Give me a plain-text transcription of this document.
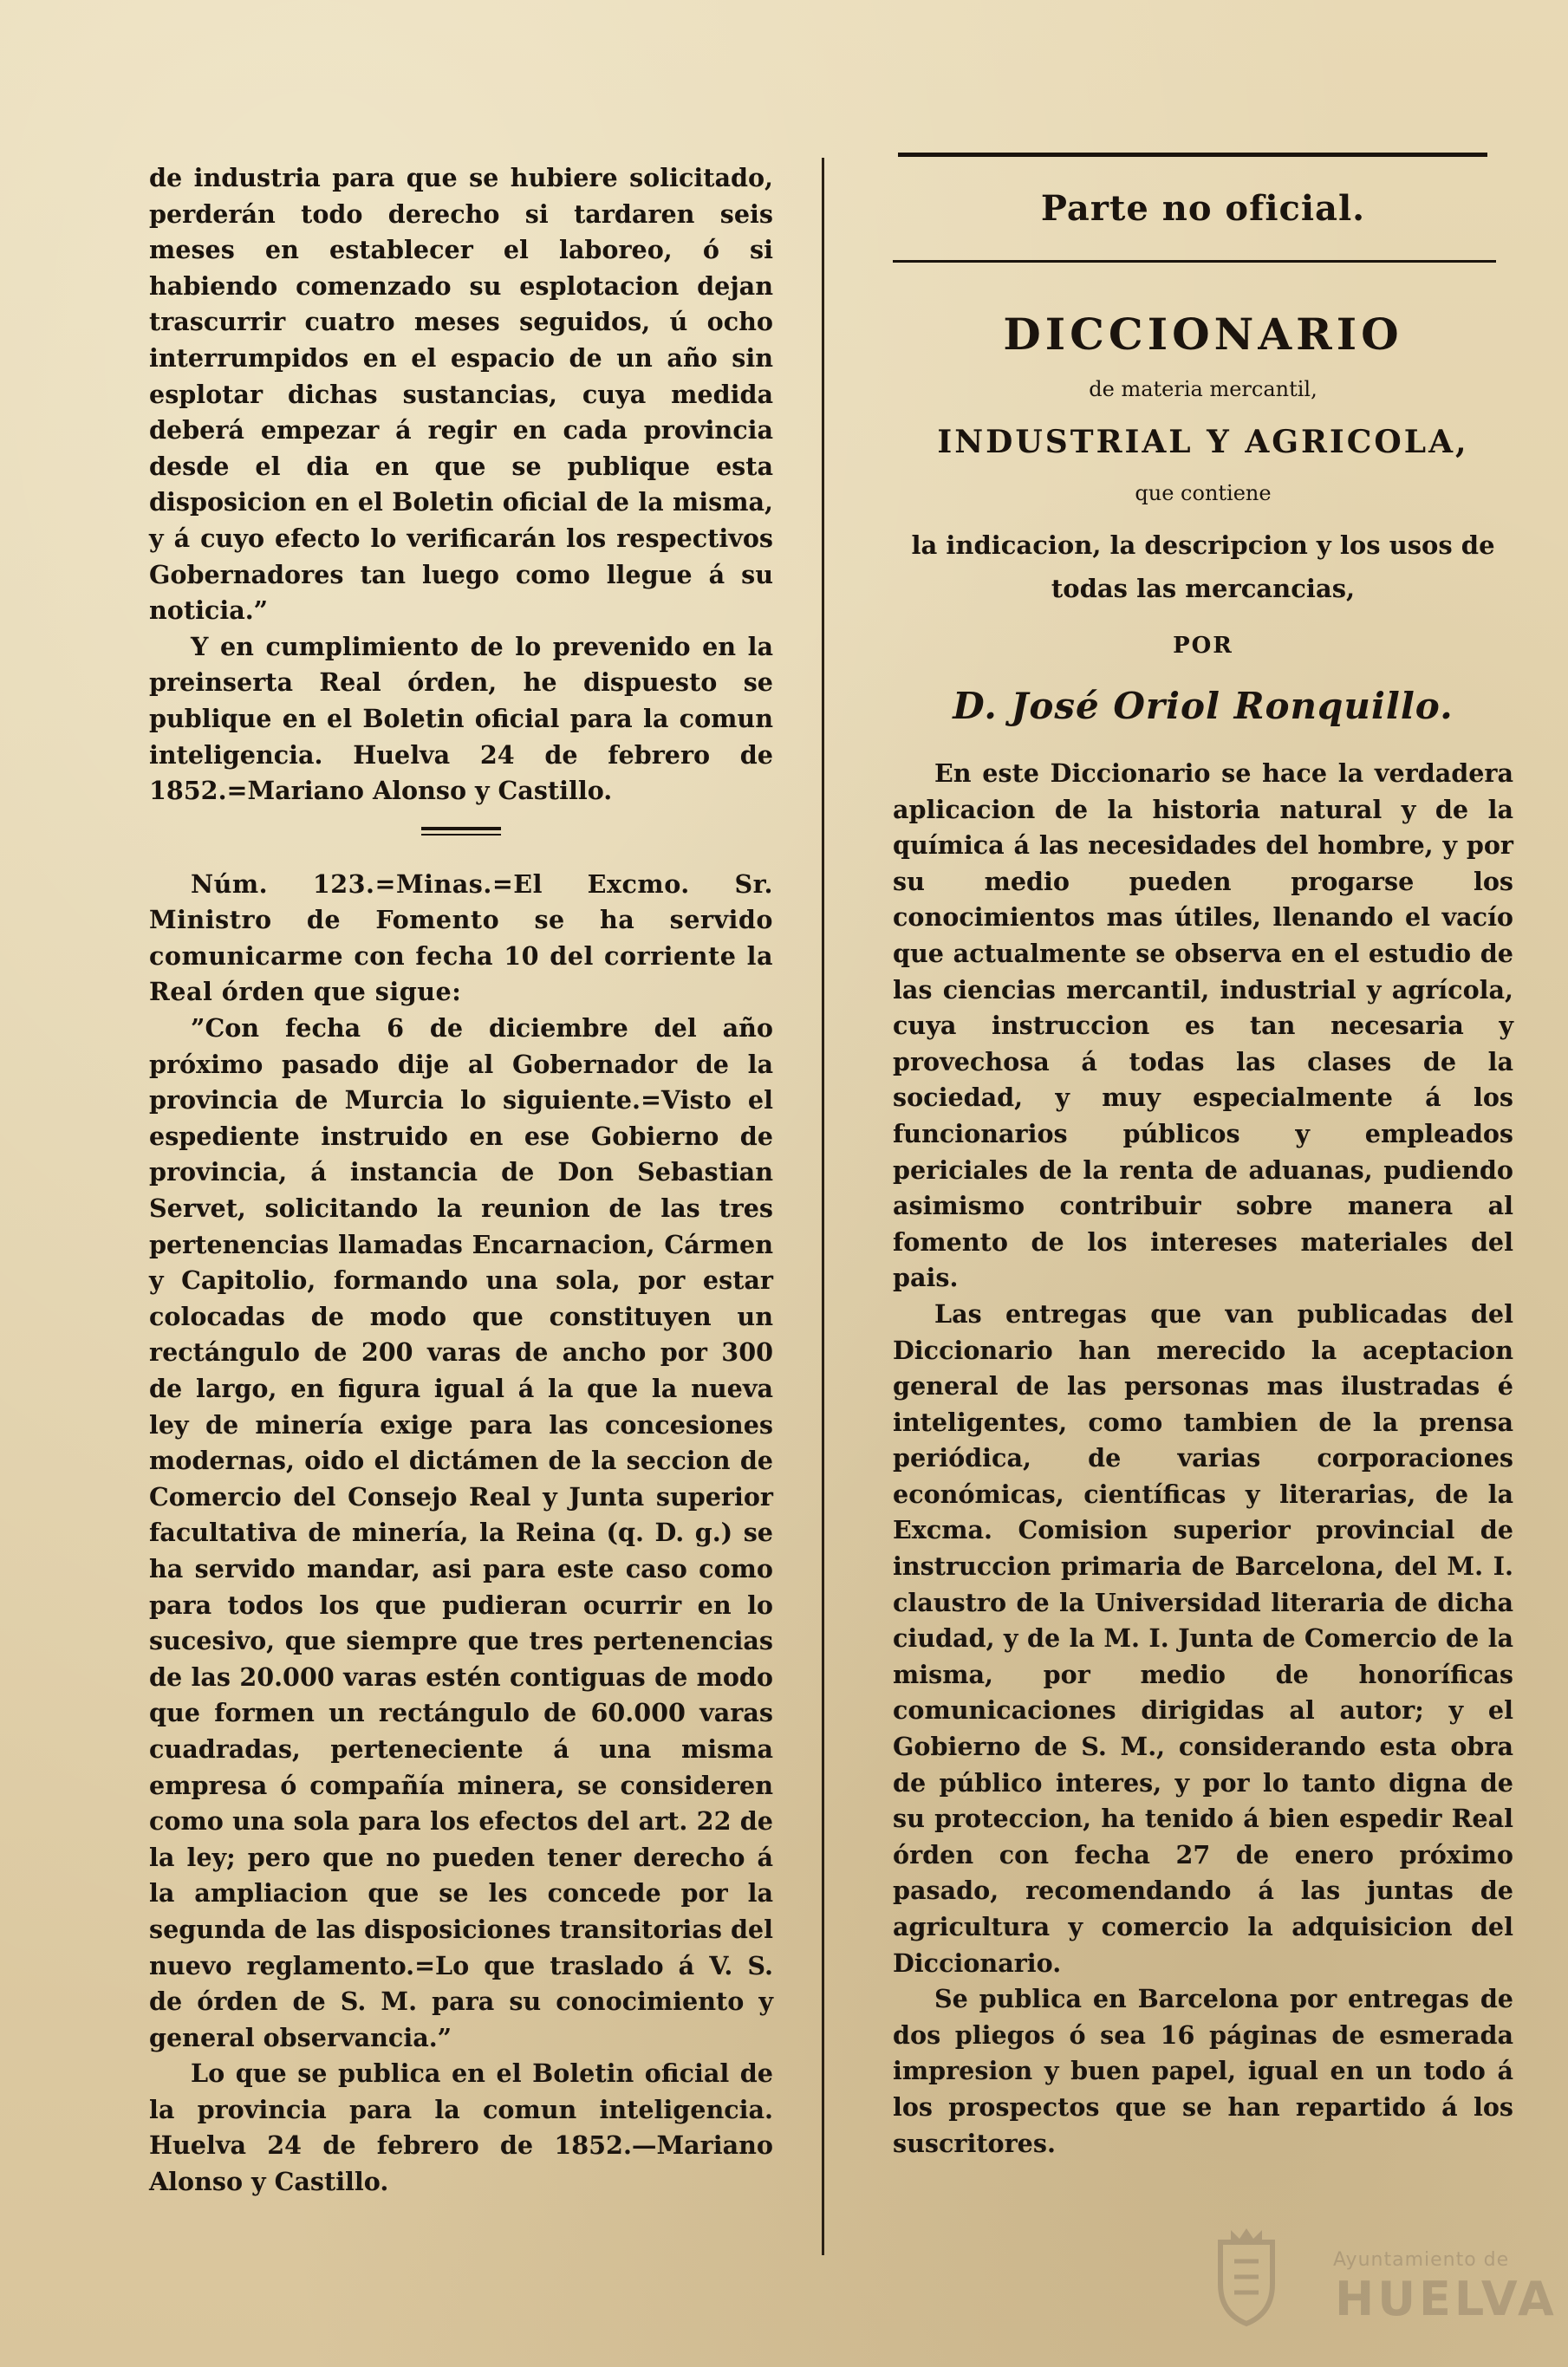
de industria para que se hubiere solicitado, perderán todo derecho si tardaren seis meses en establecer el laboreo, ó si habiendo comenzado su esplotacion dejan trascurrir cuatro meses seguidos, ú ocho interrumpidos en el espacio de un año sin esplotar dichas sustancias, cuya medida deberá empezar á regir en cada provincia desde el dia en que se publique esta disposicion en el Boletin oficial de la misma, y á cuyo efecto lo verificarán los respectivos Gobernadores tan luego como llegue á su noticia.”

Y en cumplimiento de lo prevenido en la preinserta Real órden, he dispuesto se publique en el Boletin oficial para la comun inteligencia. Huelva 24 de febrero de 1852.=Mariano Alonso y Castillo.

Núm. 123.=Minas.=El Excmo. Sr. Ministro de Fomento se ha servido comunicarme con fecha 10 del corriente la Real órden que sigue:

”Con fecha 6 de diciembre del año próximo pasado dije al Gobernador de la provincia de Murcia lo siguiente.=Visto el espediente instruido en ese Gobierno de provincia, á instancia de Don Sebastian Servet, solicitando la reunion de las tres pertenencias llamadas Encarnacion, Cármen y Capitolio, formando una sola, por estar colocadas de modo que constituyen un rectángulo de 200 varas de ancho por 300 de largo, en figura igual á la que la nueva ley de minería exige para las concesiones modernas, oido el dictámen de la seccion de Comercio del Consejo Real y Junta superior facultativa de minería, la Reina (q. D. g.) se ha servido mandar, asi para este caso como para todos los que pudieran ocurrir en lo sucesivo, que siempre que tres pertenencias de las 20.000 varas estén contiguas de modo que formen un rectángulo de 60.000 varas cuadradas, perteneciente á una misma empresa ó compañía minera, se consideren como una sola para los efectos del art. 22 de la ley; pero que no pueden tener derecho á la ampliacion que se les concede por la segunda de las disposiciones transitorias del nuevo reglamento.=Lo que traslado á V. S. de órden de S. M. para su conocimiento y general observancia.”

Lo que se publica en el Boletin oficial de la provincia para la comun inteligencia. Huelva 24 de febrero de 1852.—Mariano Alonso y Castillo.

Parte no oficial.
DICCIONARIO
de materia mercantil,
INDUSTRIAL Y AGRICOLA,
que contiene
la indicacion, la descripcion y los usos de
todas las mercancias,
POR
D. José Oriol Ronquillo.

En este Diccionario se hace la verdadera aplicacion de la historia natural y de la química á las necesidades del hombre, y por su medio pueden progarse los conocimientos mas útiles, llenando el vacío que actualmente se observa en el estudio de las ciencias mercantil, industrial y agrícola, cuya instruccion es tan necesaria y provechosa á todas las clases de la sociedad, y muy especialmente á los funcionarios públicos y empleados periciales de la renta de aduanas, pudiendo asimismo contribuir sobre manera al fomento de los intereses materiales del pais.

Las entregas que van publicadas del Diccionario han merecido la aceptacion general de las personas mas ilustradas é inteligentes, como tambien de la prensa periódica, de varias corporaciones económicas, científicas y literarias, de la Excma. Comision superior provincial de instruccion primaria de Barcelona, del M. I. claustro de la Universidad literaria de dicha ciudad, y de la M. I. Junta de Comercio de la misma, por medio de honoríficas comunicaciones dirigidas al autor; y el Gobierno de S. M., considerando esta obra de público interes, y por lo tanto digna de su proteccion, ha tenido á bien espedir Real órden con fecha 27 de enero próximo pasado, recomendando á las juntas de agricultura y comercio la adquisicion del Diccionario.

Se publica en Barcelona por entregas de dos pliegos ó sea 16 páginas de esmerada impresion y buen papel, igual en un todo á los prospectos que se han repartido á los suscritores.

Ayuntamiento de
HUELVA
